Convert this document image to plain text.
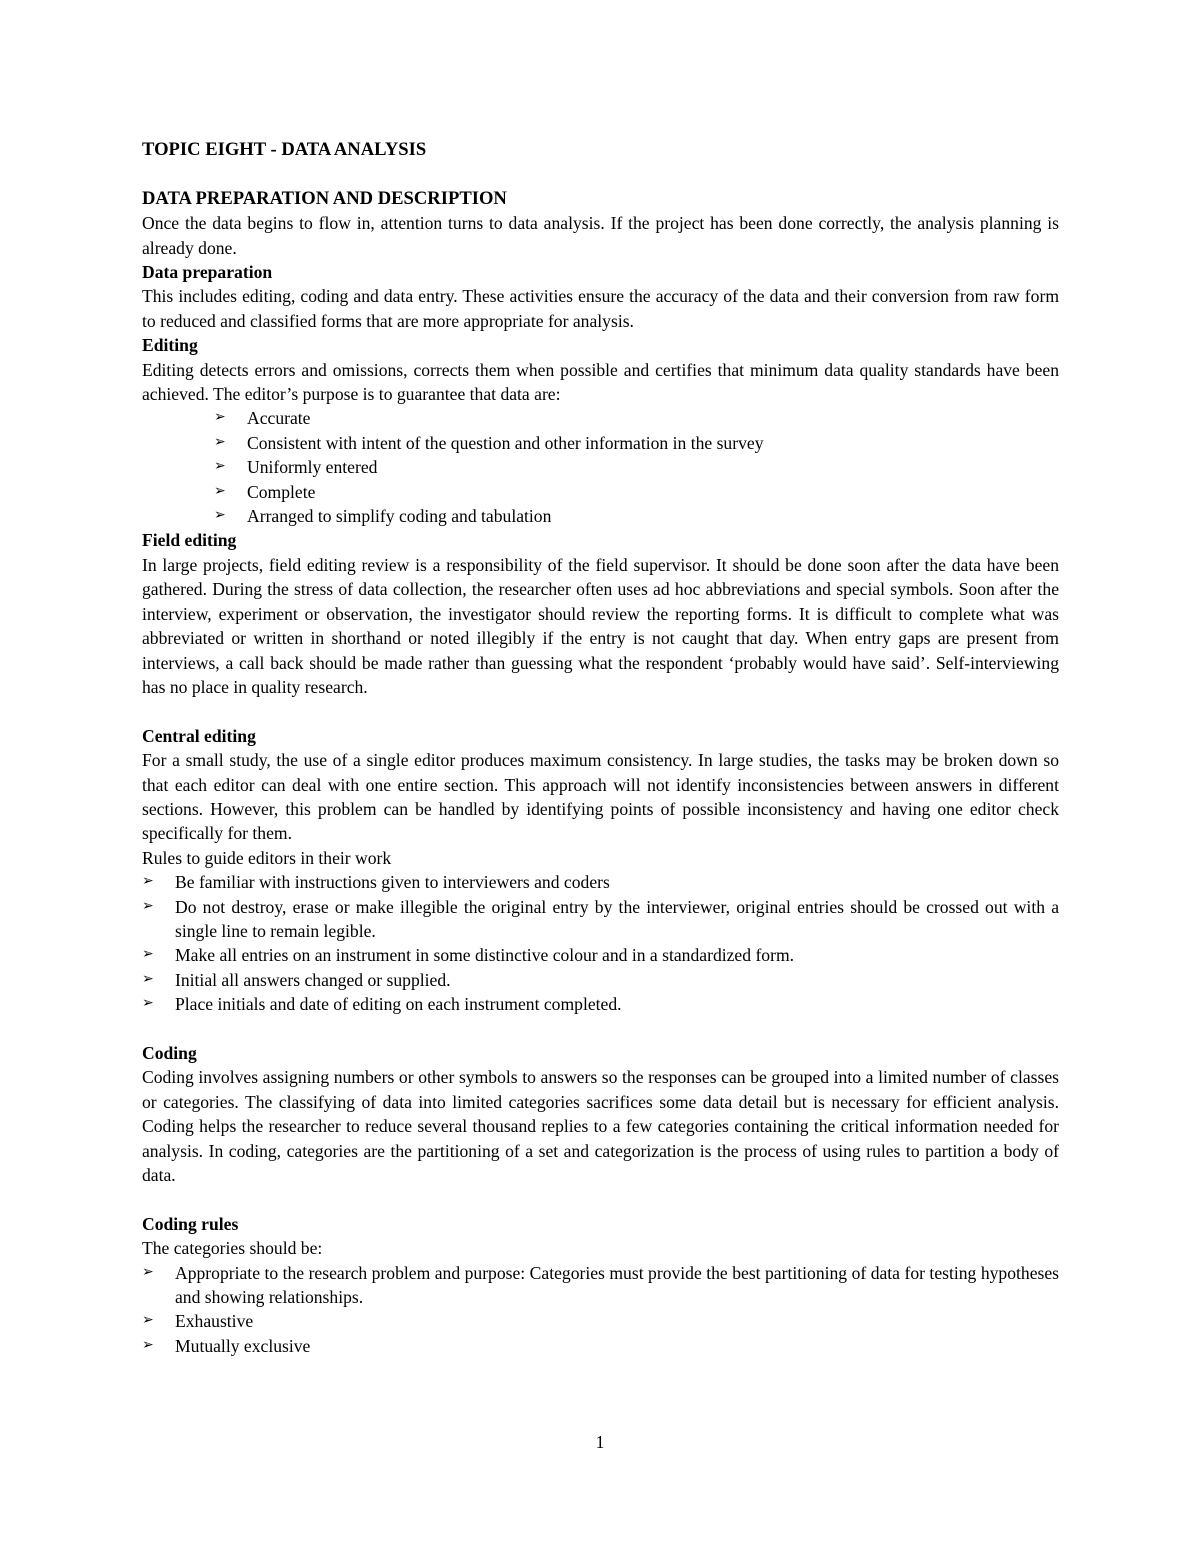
TOPIC EIGHT - DATA ANALYSIS
DATA PREPARATION AND DESCRIPTION

Once the data begins to flow in, attention turns to data analysis. If the project has been done correctly, the analysis planning is already done.

Data preparation

This includes editing, coding and data entry. These activities ensure the accuracy of the data and their conversion from raw form to reduced and classified forms that are more appropriate for analysis.

Editing

Editing detects errors and omissions, corrects them when possible and certifies that minimum data quality standards have been achieved. The editor’s purpose is to guarantee that data are:

➢ Accurate
➢ Consistent with intent of the question and other information in the survey
➢ Uniformly entered
➢ Complete
➢ Arranged to simplify coding and tabulation
Field editing

In large projects, field editing review is a responsibility of the field supervisor. It should be done soon after the data have been gathered. During the stress of data collection, the researcher often uses ad hoc abbreviations and special symbols. Soon after the interview, experiment or observation, the investigator should review the reporting forms. It is difficult to complete what was abbreviated or written in shorthand or noted illegibly if the entry is not caught that day. When entry gaps are present from interviews, a call back should be made rather than guessing what the respondent ‘probably would have said’. Self-interviewing has no place in quality research.

Central editing

For a small study, the use of a single editor produces maximum consistency. In large studies, the tasks may be broken down so that each editor can deal with one entire section. This approach will not identify inconsistencies between answers in different sections. However, this problem can be handled by identifying points of possible inconsistency and having one editor check specifically for them.

Rules to guide editors in their work

➢ Be familiar with instructions given to interviewers and coders
➢ Do not destroy, erase or make illegible the original entry by the interviewer, original entries should be crossed out with a single line to remain legible.
➢ Make all entries on an instrument in some distinctive colour and in a standardized form.
➢ Initial all answers changed or supplied.
➢ Place initials and date of editing on each instrument completed.
Coding

Coding involves assigning numbers or other symbols to answers so the responses can be grouped into a limited number of classes or categories. The classifying of data into limited categories sacrifices some data detail but is necessary for efficient analysis. Coding helps the researcher to reduce several thousand replies to a few categories containing the critical information needed for analysis. In coding, categories are the partitioning of a set and categorization is the process of using rules to partition a body of data.

Coding rules

The categories should be:

➢ Appropriate to the research problem and purpose: Categories must provide the best partitioning of data for testing hypotheses and showing relationships.
➢ Exhaustive
➢ Mutually exclusive
1
